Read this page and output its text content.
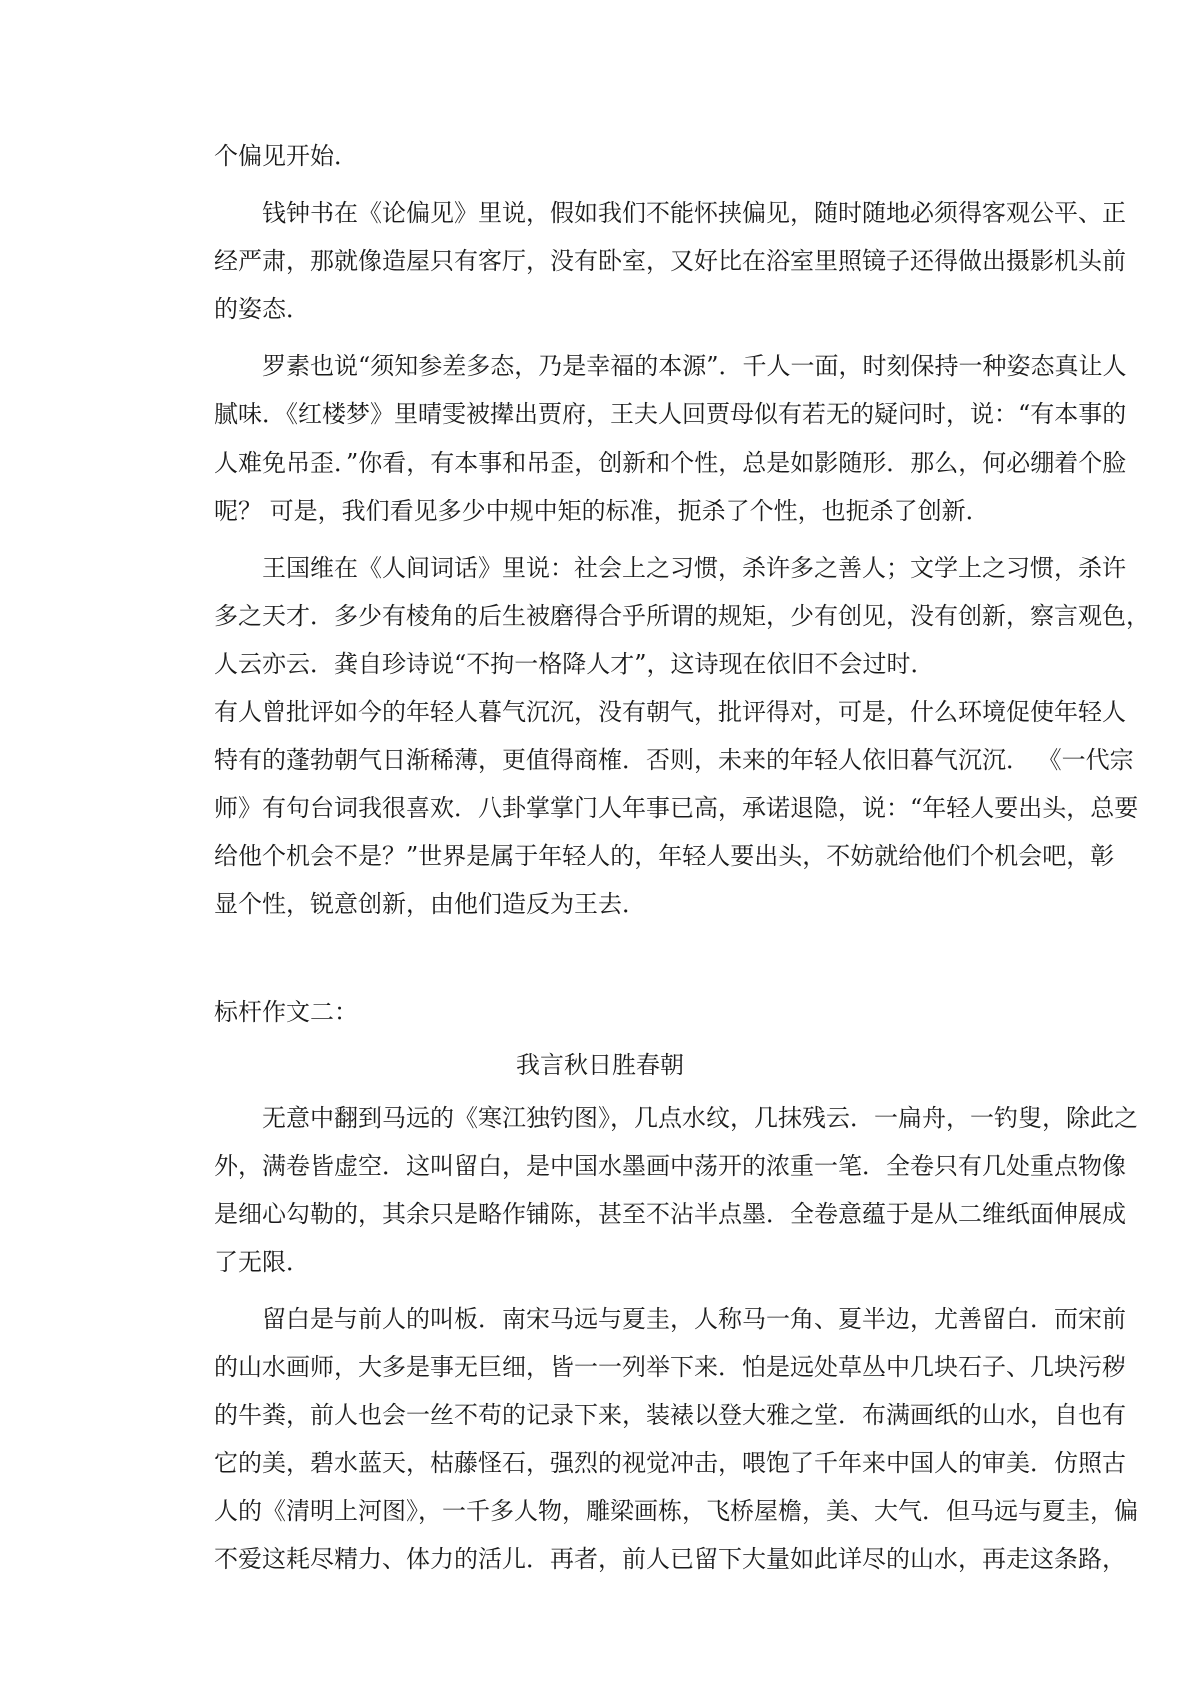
个偏见开始．
钱钟书在《论偏见》里说，假如我们不能怀挟偏见，随时随地必须得客观公平、正
经严肃，那就像造屋只有客厅，没有卧室，又好比在浴室里照镜子还得做出摄影机头前
的姿态．
罗素也说“须知参差多态，乃是幸福的本源”．千人一面，时刻保持一种姿态真让人
腻味．《红楼梦》里晴雯被撵出贾府，王夫人回贾母似有若无的疑问时，说：“有本事的
人难免吊歪．”你看，有本事和吊歪，创新和个性，总是如影随形．那么，何必绷着个脸
呢？ 可是，我们看见多少中规中矩的标准，扼杀了个性，也扼杀了创新．
王国维在《人间词话》里说：社会上之习惯，杀许多之善人；文学上之习惯，杀许
多之天才．多少有棱角的后生被磨得合乎所谓的规矩，少有创见，没有创新，察言观色，
人云亦云．龚自珍诗说“不拘一格降人才”，这诗现在依旧不会过时．
有人曾批评如今的年轻人暮气沉沉，没有朝气，批评得对，可是，什么环境促使年轻人
特有的蓬勃朝气日渐稀薄，更值得商榷．否则，未来的年轻人依旧暮气沉沉． 《一代宗
师》有句台词我很喜欢．八卦掌掌门人年事已高，承诺退隐，说：“年轻人要出头，总要
给他个机会不是？”世界是属于年轻人的，年轻人要出头，不妨就给他们个机会吧，彰
显个性，锐意创新，由他们造反为王去．
标杆作文二：
我言秋日胜春朝
无意中翻到马远的《寒江独钓图》，几点水纹，几抹残云．一扁舟，一钓叟，除此之
外，满卷皆虚空．这叫留白，是中国水墨画中荡开的浓重一笔．全卷只有几处重点物像
是细心勾勒的，其余只是略作铺陈，甚至不沾半点墨．全卷意蕴于是从二维纸面伸展成
了无限．
留白是与前人的叫板．南宋马远与夏圭，人称马一角、夏半边，尤善留白．而宋前
的山水画师，大多是事无巨细，皆一一列举下来．怕是远处草丛中几块石子、几块污秽
的牛粪，前人也会一丝不苟的记录下来，装裱以登大雅之堂．布满画纸的山水，自也有
它的美，碧水蓝天，枯藤怪石，强烈的视觉冲击，喂饱了千年来中国人的审美．仿照古
人的《清明上河图》，一千多人物，雕梁画栋，飞桥屋檐，美、大气．但马远与夏圭，偏
不爱这耗尽精力、体力的活儿．再者，前人已留下大量如此详尽的山水，再走这条路，
